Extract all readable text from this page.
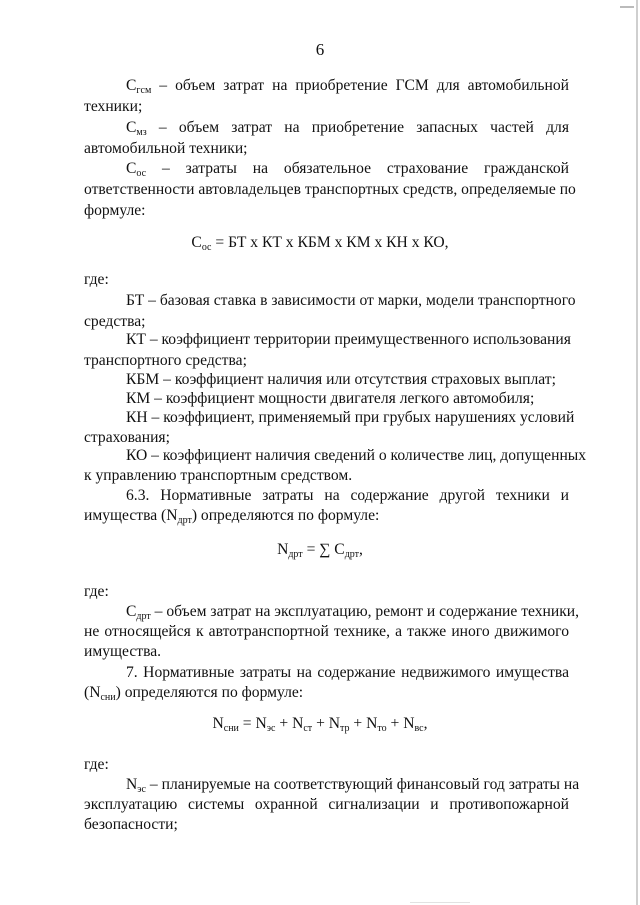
6

$C_{гсм}$ – объем затрат на приобретение ГСМ для автомобильной

техники;

$C_{мз}$ – объем затрат на приобретение запасных частей для

автомобильной техники;

$C_{ос}$ – затраты на обязательное страхование гражданской

ответственности автовладельцев транспортных средств, определяемые по

формуле:

$C_{ос}$ = БТ х КТ х КБМ х КМ х КН х КО,

где:

БТ – базовая ставка в зависимости от марки, модели транспортного

средства;

КТ – коэффициент территории преимущественного использования

транспортного средства;

КБМ – коэффициент наличия или отсутствия страховых выплат;

КМ – коэффициент мощности двигателя легкого автомобиля;

КН – коэффициент, применяемый при грубых нарушениях условий

страхования;

КО – коэффициент наличия сведений о количестве лиц, допущенных

к управлению транспортным средством.

6.3. Нормативные затраты на содержание другой техники и

имущества $(N_{дрт})$ определяются по формуле:

$N_{дрт}$ = ∑ $C_{дрт}$,

где:

$C_{дрт}$ – объем затрат на эксплуатацию, ремонт и содержание техники,

не относящейся к автотранспортной технике, а также иного движимого

имущества.

7. Нормативные затраты на содержание недвижимого имущества

$(N_{сни})$ определяются по формуле:

$N_{сни} = N_{эс} + N_{ст} + N_{тр} + N_{то} + N_{вс}$,

где:

$N_{эс}$ – планируемые на соответствующий финансовый год затраты на

эксплуатацию системы охранной сигнализации и противопожарной

безопасности;
